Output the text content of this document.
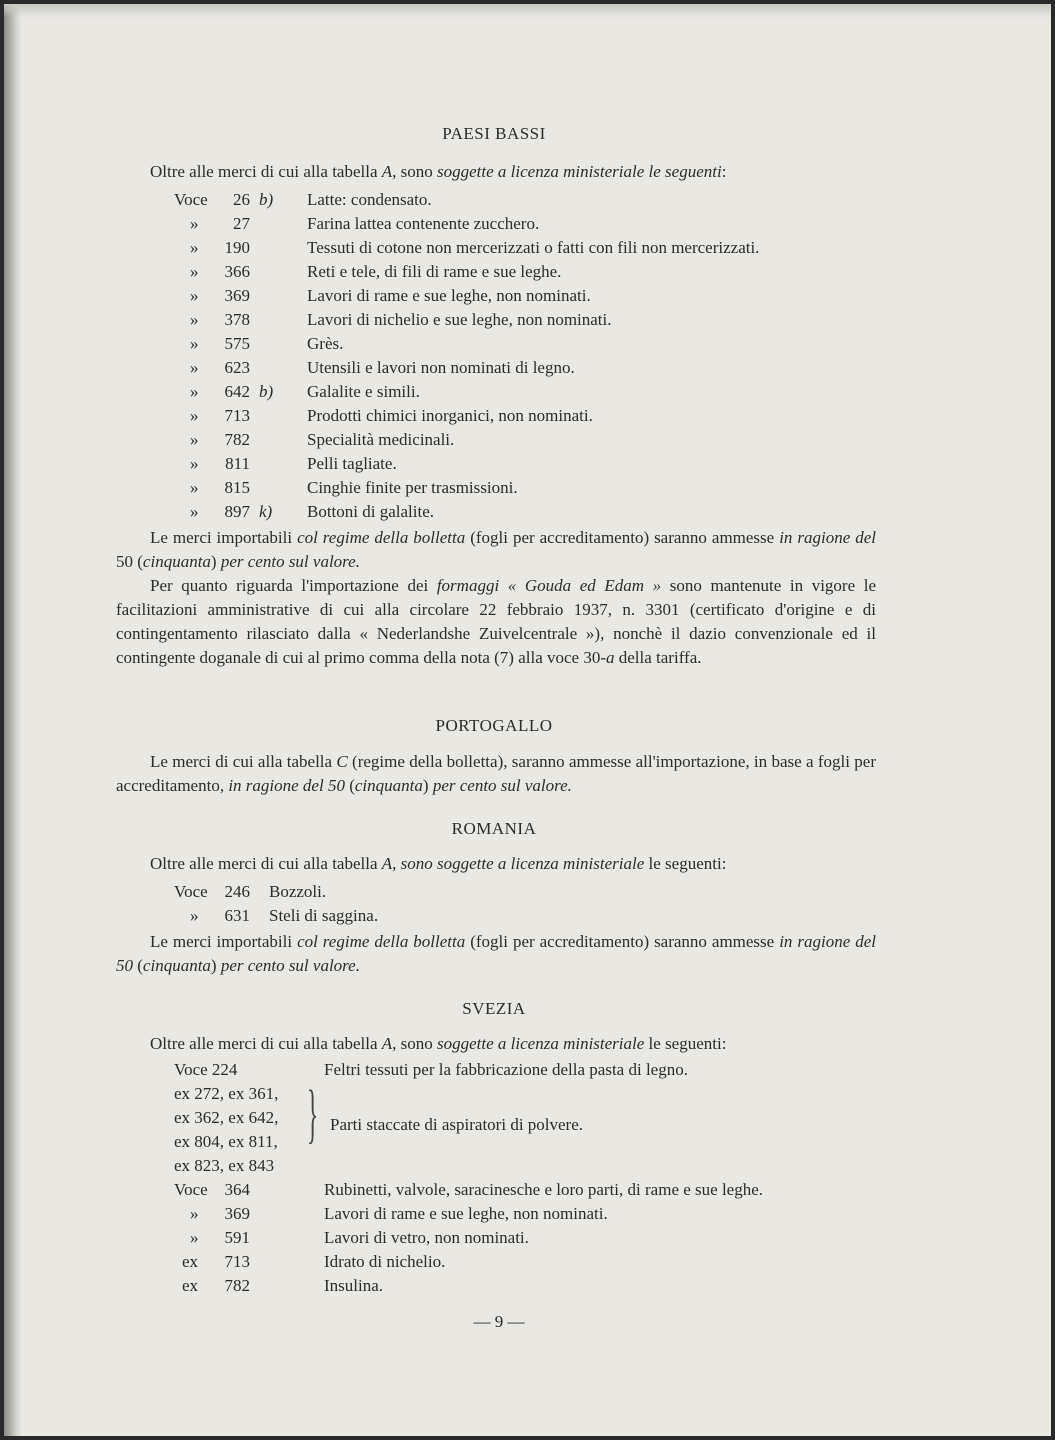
PAESI BASSI
Oltre alle merci di cui alla tabella A, sono soggette a licenza ministeriale le seguenti:
Voce	26 b) Latte: condensato.
»	27	Farina lattea contenente zucchero.
»	190	Tessuti di cotone non mercerizzati o fatti con fili non mercerizzati.
»	366	Reti e tele, di fili di rame e sue leghe.
»	369	Lavori di rame e sue leghe, non nominati.
»	378	Lavori di nichelio e sue leghe, non nominati.
»	575	Grès.
»	623	Utensili e lavori non nominati di legno.
»	642 b) Galalite e simili.
»	713	Prodotti chimici inorganici, non nominati.
»	782	Specialità medicinali.
»	811	Pelli tagliate.
»	815	Cinghie finite per trasmissioni.
»	897 k) Bottoni di galalite.
Le merci importabili col regime della bolletta (fogli per accreditamento) saranno ammesse in ragione del 50 (cinquanta) per cento sul valore.
Per quanto riguarda l'importazione dei formaggi « Gouda ed Edam » sono mantenute in vigore le facilitazioni amministrative di cui alla circolare 22 febbraio 1937, n. 3301 (certificato d'origine e di contingentamento rilasciato dalla « Nederlandshe Zuivelcentrale »), nonchè il dazio convenzionale ed il contingente doganale di cui al primo comma della nota (7) alla voce 30-a della tariffa.
PORTOGALLO
Le merci di cui alla tabella C (regime della bolletta), saranno ammesse all'importazione, in base a fogli per accreditamento, in ragione del 50 (cinquanta) per cento sul valore.
ROMANIA
Oltre alle merci di cui alla tabella A, sono soggette a licenza ministeriale le seguenti:
Voce 246 Bozzoli.
»	631 Steli di saggina.
Le merci importabili col regime della bolletta (fogli per accreditamento) saranno ammesse in ragione del 50 (cinquanta) per cento sul valore.
SVEZIA
Oltre alle merci di cui alla tabella A, sono soggette a licenza ministeriale le seguenti:
Voce 224	Feltri tessuti per la fabbricazione della pasta di legno.
ex 272, ex 361,
ex 362, ex 642,
ex 804, ex 811,
ex 823, ex 843
} Parti staccate di aspiratori di polvere.
Voce 364	Rubinetti, valvole, saracinesche e loro parti, di rame e sue leghe.
»	369	Lavori di rame e sue leghe, non nominati.
»	591	Lavori di vetro, non nominati.
ex	713	Idrato di nichelio.
ex	782	Insulina.
— 9 —
